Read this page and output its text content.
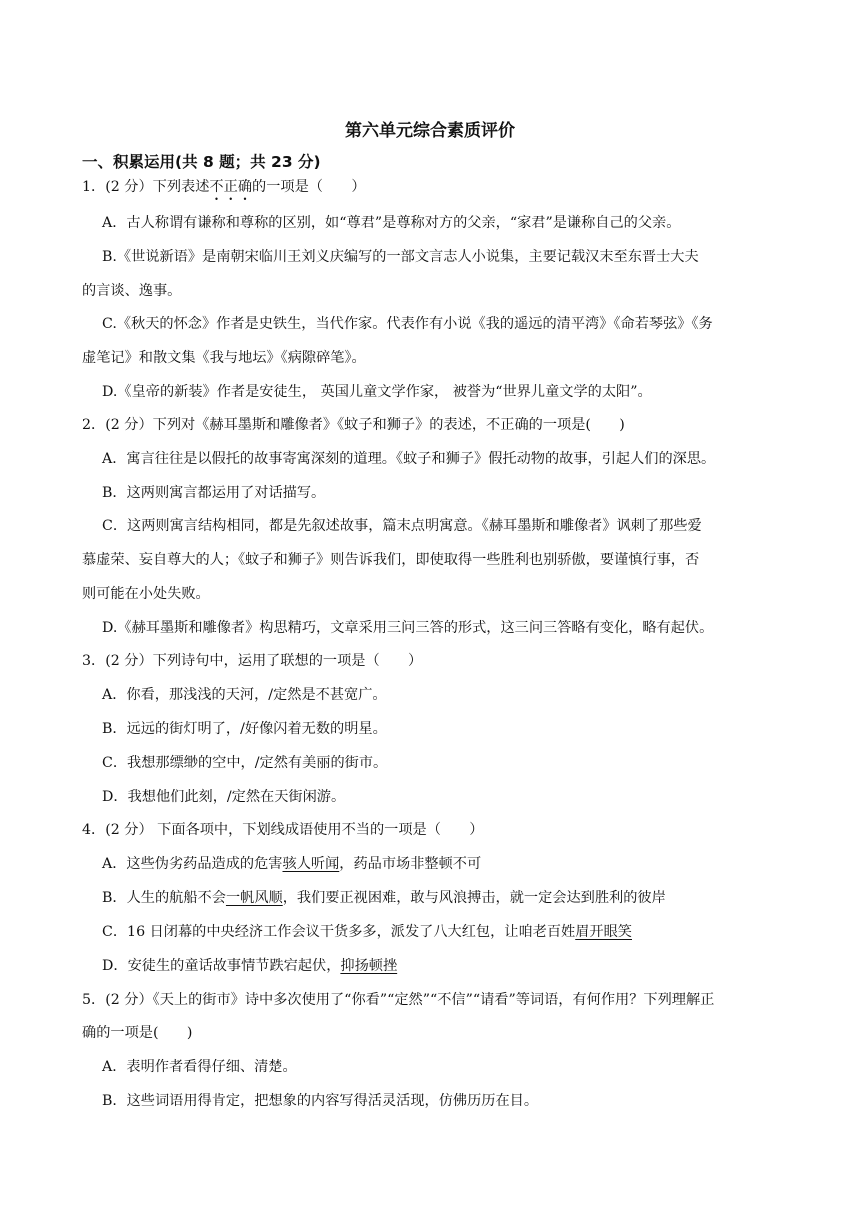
第六单元综合素质评价
一、积累运用(共 8 题；共 23 分)
1．(2 分）下列表述不正确的一项是（　　）
A．古人称谓有谦称和尊称的区别，如“尊君”是尊称对方的父亲，“家君”是谦称自己的父亲。
B.《世说新语》是南朝宋临川王刘义庆编写的一部文言志人小说集，主要记载汉末至东晋士大夫
的言谈、逸事。
C.《秋天的怀念》作者是史铁生，当代作家。代表作有小说《我的遥远的清平湾》《命若琴弦》《务
虚笔记》和散文集《我与地坛》《病隙碎笔》。
D.《皇帝的新装》作者是安徒生， 英国儿童文学作家， 被誉为“世界儿童文学的太阳”。
2．(2 分）下列对《赫耳墨斯和雕像者》《蚊子和狮子》的表述，不正确的一项是(　　)
A．寓言往往是以假托的故事寄寓深刻的道理。《蚊子和狮子》假托动物的故事，引起人们的深思。
B．这两则寓言都运用了对话描写。
C．这两则寓言结构相同，都是先叙述故事，篇末点明寓意。《赫耳墨斯和雕像者》讽刺了那些爱
慕虚荣、妄自尊大的人；《蚊子和狮子》则告诉我们，即使取得一些胜利也别骄傲，要谨慎行事，否
则可能在小处失败。
D.《赫耳墨斯和雕像者》构思精巧，文章采用三问三答的形式，这三问三答略有变化，略有起伏。
3．(2 分）下列诗句中，运用了联想的一项是（　　）
A．你看，那浅浅的天河，/定然是不甚宽广。
B．远远的街灯明了，/好像闪着无数的明星。
C．我想那缥缈的空中，/定然有美丽的街市。
D．我想他们此刻，/定然在天街闲游。
4．(2 分） 下面各项中，下划线成语使用不当的一项是（　　）
A．这些伪劣药品造成的危害骇人听闻，药品市场非整顿不可
B．人生的航船不会一帆风顺，我们要正视困难，敢与风浪搏击，就一定会达到胜利的彼岸
C．16 日闭幕的中央经济工作会议干货多多，派发了八大红包，让咱老百姓眉开眼笑
D．安徒生的童话故事情节跌宕起伏，抑扬顿挫
5．(2 分）《天上的街市》诗中多次使用了“你看”“定然”“不信”“请看”等词语，有何作用？下列理解正
确的一项是(　　)
A．表明作者看得仔细、清楚。
B．这些词语用得肯定，把想象的内容写得活灵活现，仿佛历历在目。
